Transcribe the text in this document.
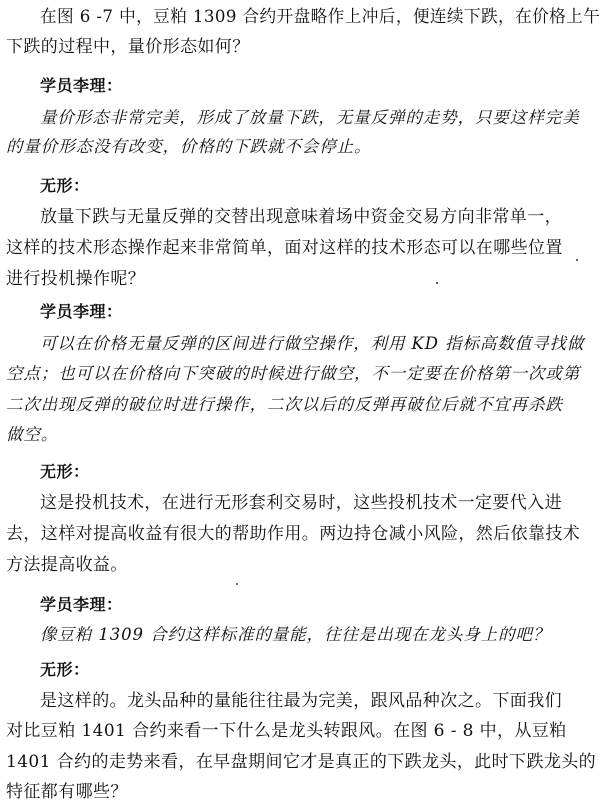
在图 6 -7 中，豆粕 1309 合约开盘略作上冲后，便连续下跌，在价格上午
下跌的过程中，量价形态如何？
学员李理：
量价形态非常完美，形成了放量下跌，无量反弹的走势，只要这样完美
的量价形态没有改变，价格的下跌就不会停止。
无形：
放量下跌与无量反弹的交替出现意味着场中资金交易方向非常单一，
这样的技术形态操作起来非常简单，面对这样的技术形态可以在哪些位置
进行投机操作呢？
学员李理：
可以在价格无量反弹的区间进行做空操作，利用 KD 指标高数值寻找做
空点；也可以在价格向下突破的时候进行做空，不一定要在价格第一次或第
二次出现反弹的破位时进行操作，二次以后的反弹再破位后就不宜再杀跌
做空。
无形：
这是投机技术，在进行无形套利交易时，这些投机技术一定要代入进
去，这样对提高收益有很大的帮助作用。两边持仓减小风险，然后依靠技术
方法提高收益。
学员李理：
像豆粕 1309 合约这样标准的量能，往往是出现在龙头身上的吧？
无形：
是这样的。龙头品种的量能往往最为完美，跟风品种次之。下面我们
对比豆粕 1401 合约来看一下什么是龙头转跟风。在图 6 - 8 中，从豆粕
1401 合约的走势来看，在早盘期间它才是真正的下跌龙头，此时下跌龙头的
特征都有哪些？
